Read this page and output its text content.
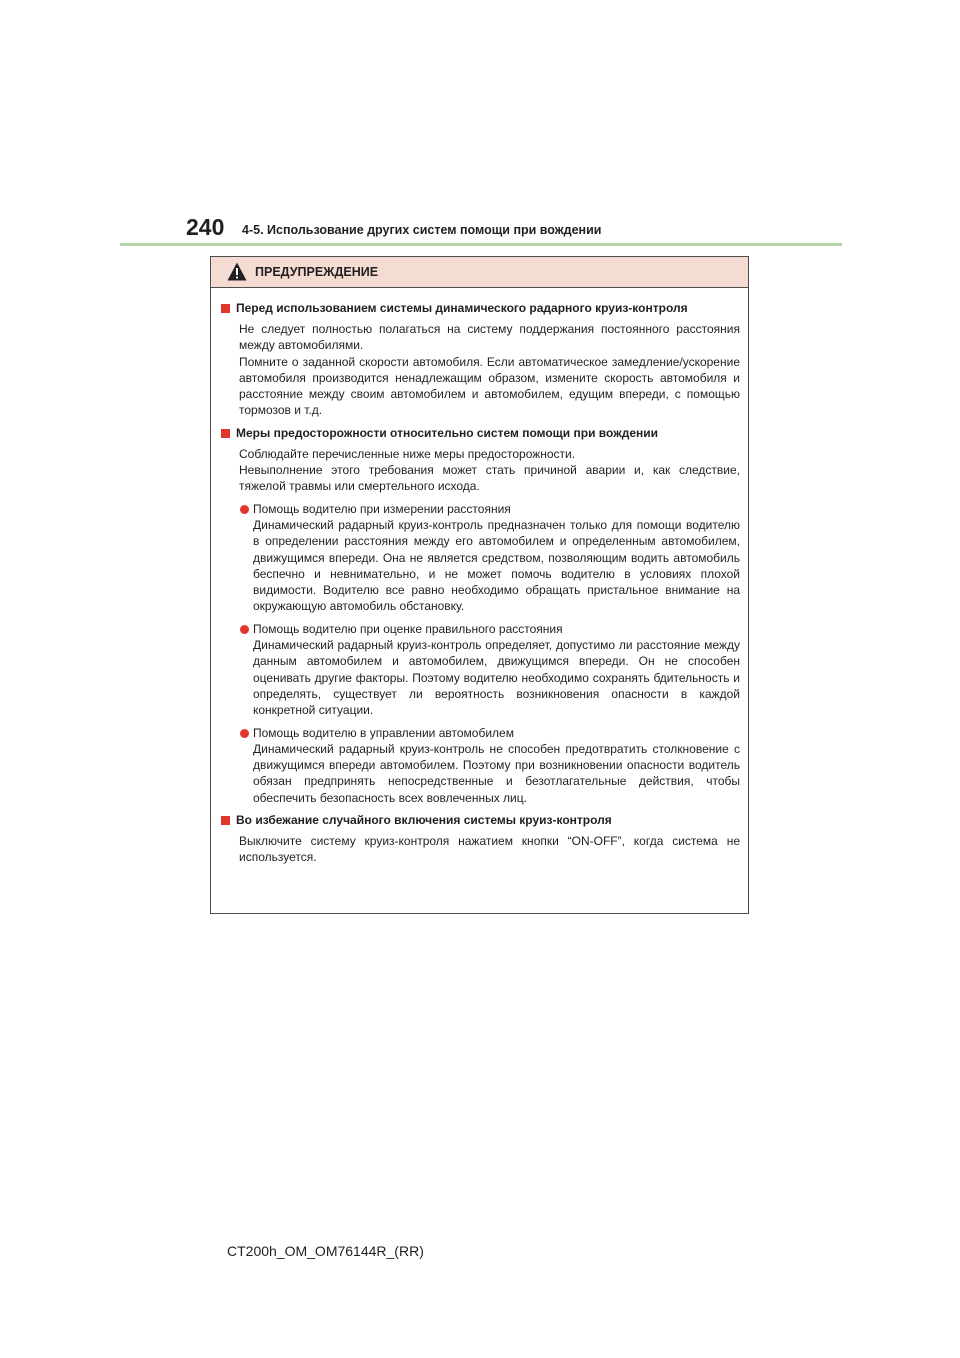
240 4-5. Использование других систем помощи при вождении
ПРЕДУПРЕЖДЕНИЕ
Перед использованием системы динамического радарного круиз-контроля
Не следует полностью полагаться на систему поддержания постоянного расстояния между автомобилями.
Помните о заданной скорости автомобиля. Если автоматическое замедление/ускорение автомобиля производится ненадлежащим образом, измените скорость автомобиля и расстояние между своим автомобилем и автомобилем, едущим впереди, с помощью тормозов и т.д.
Меры предосторожности относительно систем помощи при вождении
Соблюдайте перечисленные ниже меры предосторожности.
Невыполнение этого требования может стать причиной аварии и, как следствие, тяжелой травмы или смертельного исхода.
Помощь водителю при измерении расстояния
Динамический радарный круиз-контроль предназначен только для помощи водителю в определении расстояния между его автомобилем и определенным автомобилем, движущимся впереди. Она не является средством, позволяющим водить автомобиль беспечно и невнимательно, и не может помочь водителю в условиях плохой видимости. Водителю все равно необходимо обращать пристальное внимание на окружающую автомобиль обстановку.
Помощь водителю при оценке правильного расстояния
Динамический радарный круиз-контроль определяет, допустимо ли расстояние между данным автомобилем и автомобилем, движущимся впереди. Он не способен оценивать другие факторы. Поэтому водителю необходимо сохранять бдительность и определять, существует ли вероятность возникновения опасности в каждой конкретной ситуации.
Помощь водителю в управлении автомобилем
Динамический радарный круиз-контроль не способен предотвратить столкновение с движущимся впереди автомобилем. Поэтому при возникновении опасности водитель обязан предпринять непосредственные и безотлагательные действия, чтобы обеспечить безопасность всех вовлеченных лиц.
Во избежание случайного включения системы круиз-контроля
Выключите систему круиз-контроля нажатием кнопки “ON-OFF”, когда система не используется.
CT200h_OM_OM76144R_(RR)
